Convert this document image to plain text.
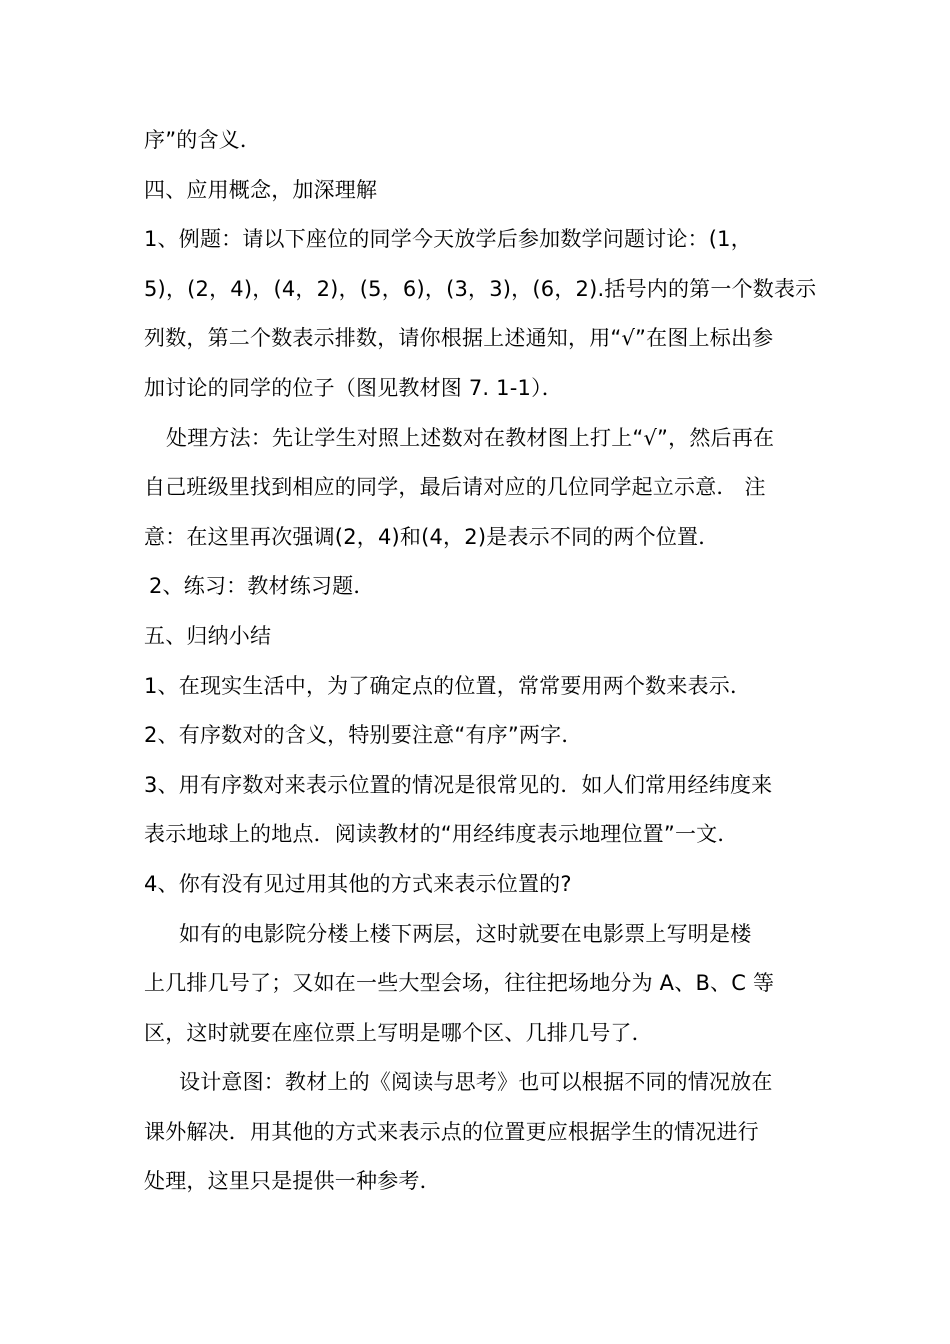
序”的含义．
四、应用概念，加深理解
1、例题：请以下座位的同学今天放学后参加数学问题讨论：(1，
5)，(2，4)，(4，2)，(5，6)，(3，3)，(6，2).括号内的第一个数表示
列数，第二个数表示排数，请你根据上述通知，用“√”在图上标出参
加讨论的同学的位子（图见教材图 7. 1-1）．
处理方法：先让学生对照上述数对在教材图上打上“√”，然后再在
自己班级里找到相应的同学，最后请对应的几位同学起立示意． 注
意：在这里再次强调(2，4)和(4，2)是表示不同的两个位置．
2、练习：教材练习题．
五、归纳小结
1、在现实生活中，为了确定点的位置，常常要用两个数来表示．
2、有序数对的含义，特别要注意“有序”两字．
3、用有序数对来表示位置的情况是很常见的．如人们常用经纬度来
表示地球上的地点．阅读教材的“用经纬度表示地理位置”一文．
4、你有没有见过用其他的方式来表示位置的?
如有的电影院分楼上楼下两层，这时就要在电影票上写明是楼
上几排几号了；又如在一些大型会场，往往把场地分为 A、B、C 等
区，这时就要在座位票上写明是哪个区、几排几号了．
设计意图：教材上的《阅读与思考》也可以根据不同的情况放在
课外解决．用其他的方式来表示点的位置更应根据学生的情况进行
处理，这里只是提供一种参考．
